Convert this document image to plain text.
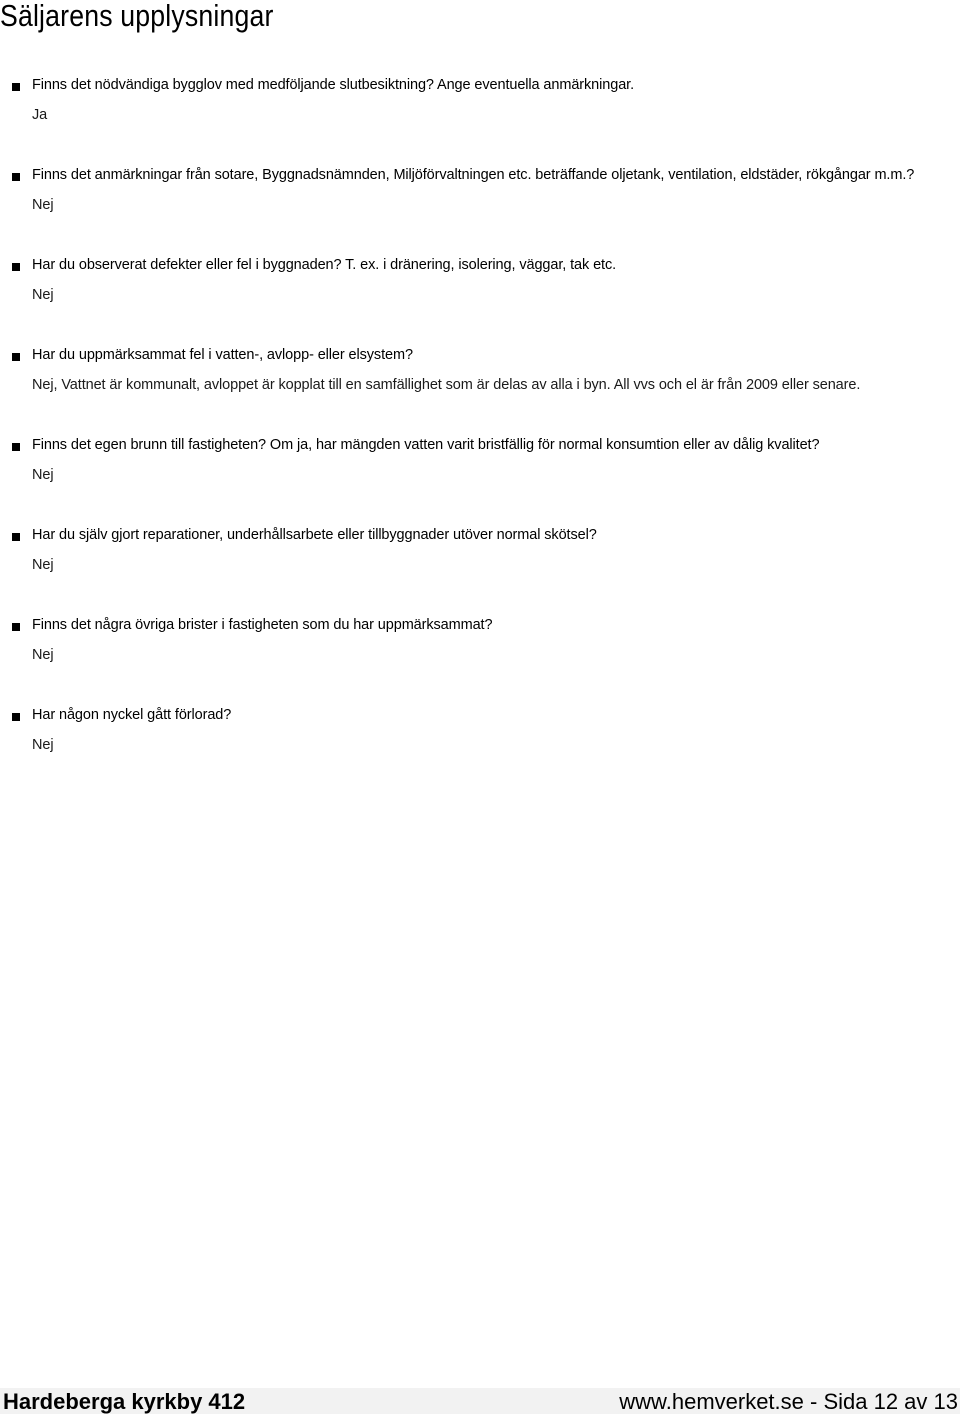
Säljarens upplysningar
Finns det nödvändiga bygglov med medföljande slutbesiktning? Ange eventuella anmärkningar.
Ja
Finns det anmärkningar från sotare, Byggnadsnämnden, Miljöförvaltningen etc. beträffande oljetank, ventilation, eldstäder, rökgångar m.m.?
Nej
Har du observerat defekter eller fel i byggnaden? T. ex. i dränering, isolering, väggar, tak etc.
Nej
Har du uppmärksammat fel i vatten-, avlopp- eller elsystem?
Nej, Vattnet är kommunalt, avloppet är kopplat till en samfällighet som är delas av alla i byn. All vvs och el är från 2009 eller senare.
Finns det egen brunn till fastigheten? Om ja, har mängden vatten varit bristfällig för normal konsumtion eller av dålig kvalitet?
Nej
Har du själv gjort reparationer, underhållsarbete eller tillbyggnader utöver normal skötsel?
Nej
Finns det några övriga brister i fastigheten som du har uppmärksammat?
Nej
Har någon nyckel gått förlorad?
Nej
Hardeberga kyrkby 412	www.hemverket.se - Sida 12 av 13
